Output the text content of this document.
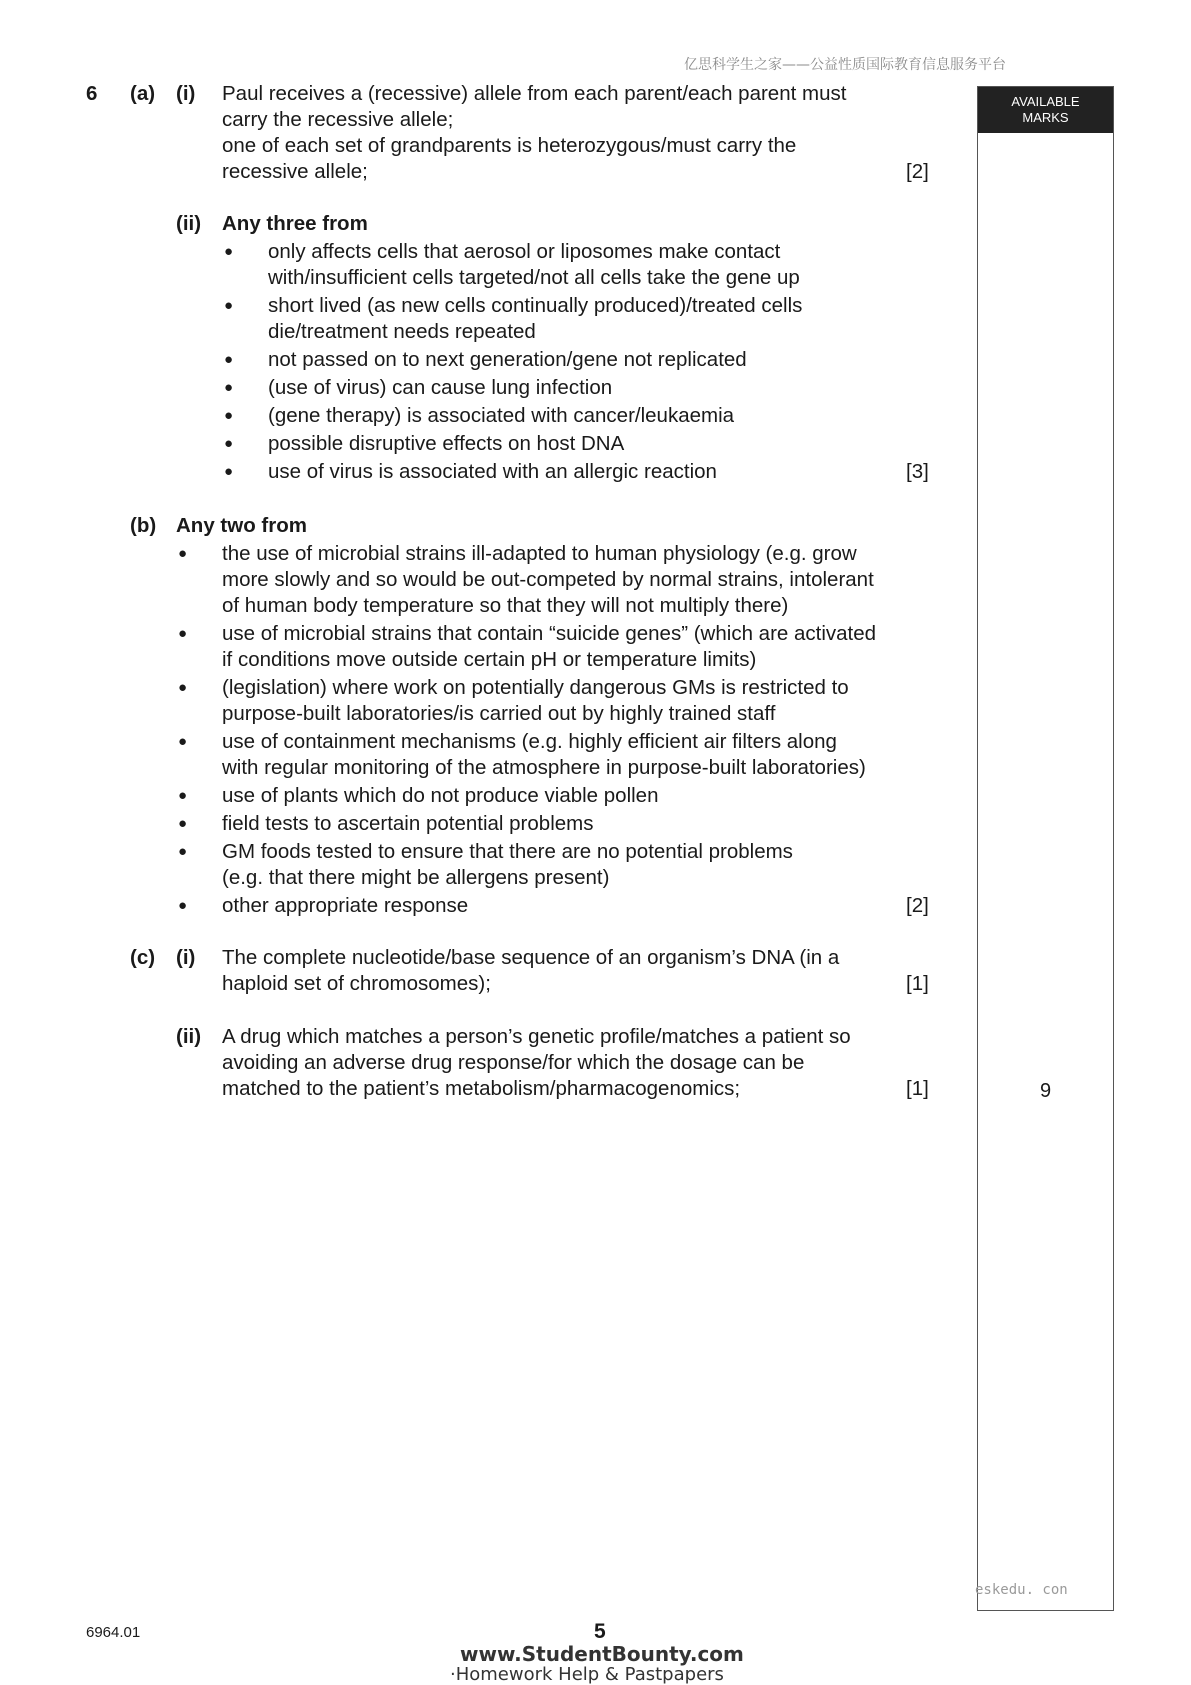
亿思科学生之家——公益性质国际教育信息服务平台
AVAILABLE
MARKS
9
eskedu. con
6 (a) (i) Paul receives a (recessive) allele from each parent/each parent must
carry the recessive allele;
one of each set of grandparents is heterozygous/must carry the
recessive allele;	[2]
(ii) Any three from
● only affects cells that aerosol or liposomes make contact
with/insufficient cells targeted/not all cells take the gene up
● short lived (as new cells continually produced)/treated cells
die/treatment needs repeated
● not passed on to next generation/gene not replicated
● (use of virus) can cause lung infection
● (gene therapy) is associated with cancer/leukaemia
● possible disruptive effects on host DNA
● use of virus is associated with an allergic reaction	[3]
(b) Any two from
● the use of microbial strains ill-adapted to human physiology (e.g. grow
more slowly and so would be out-competed by normal strains, intolerant
of human body temperature so that they will not multiply there)
● use of microbial strains that contain “suicide genes” (which are activated
if conditions move outside certain pH or temperature limits)
● (legislation) where work on potentially dangerous GMs is restricted to
purpose-built laboratories/is carried out by highly trained staff
● use of containment mechanisms (e.g. highly efficient air filters along
with regular monitoring of the atmosphere in purpose-built laboratories)
● use of plants which do not produce viable pollen
● field tests to ascertain potential problems
● GM foods tested to ensure that there are no potential problems
(e.g. that there might be allergens present)
● other appropriate response	[2]
(c) (i) The complete nucleotide/base sequence of an organism’s DNA (in a
haploid set of chromosomes);	[1]
(ii) A drug which matches a person’s genetic profile/matches a patient so
avoiding an adverse drug response/for which the dosage can be
matched to the patient’s metabolism/pharmacogenomics;	[1]
6964.01	5
www.StudentBounty.com
·Homework Help & Pastpapers
